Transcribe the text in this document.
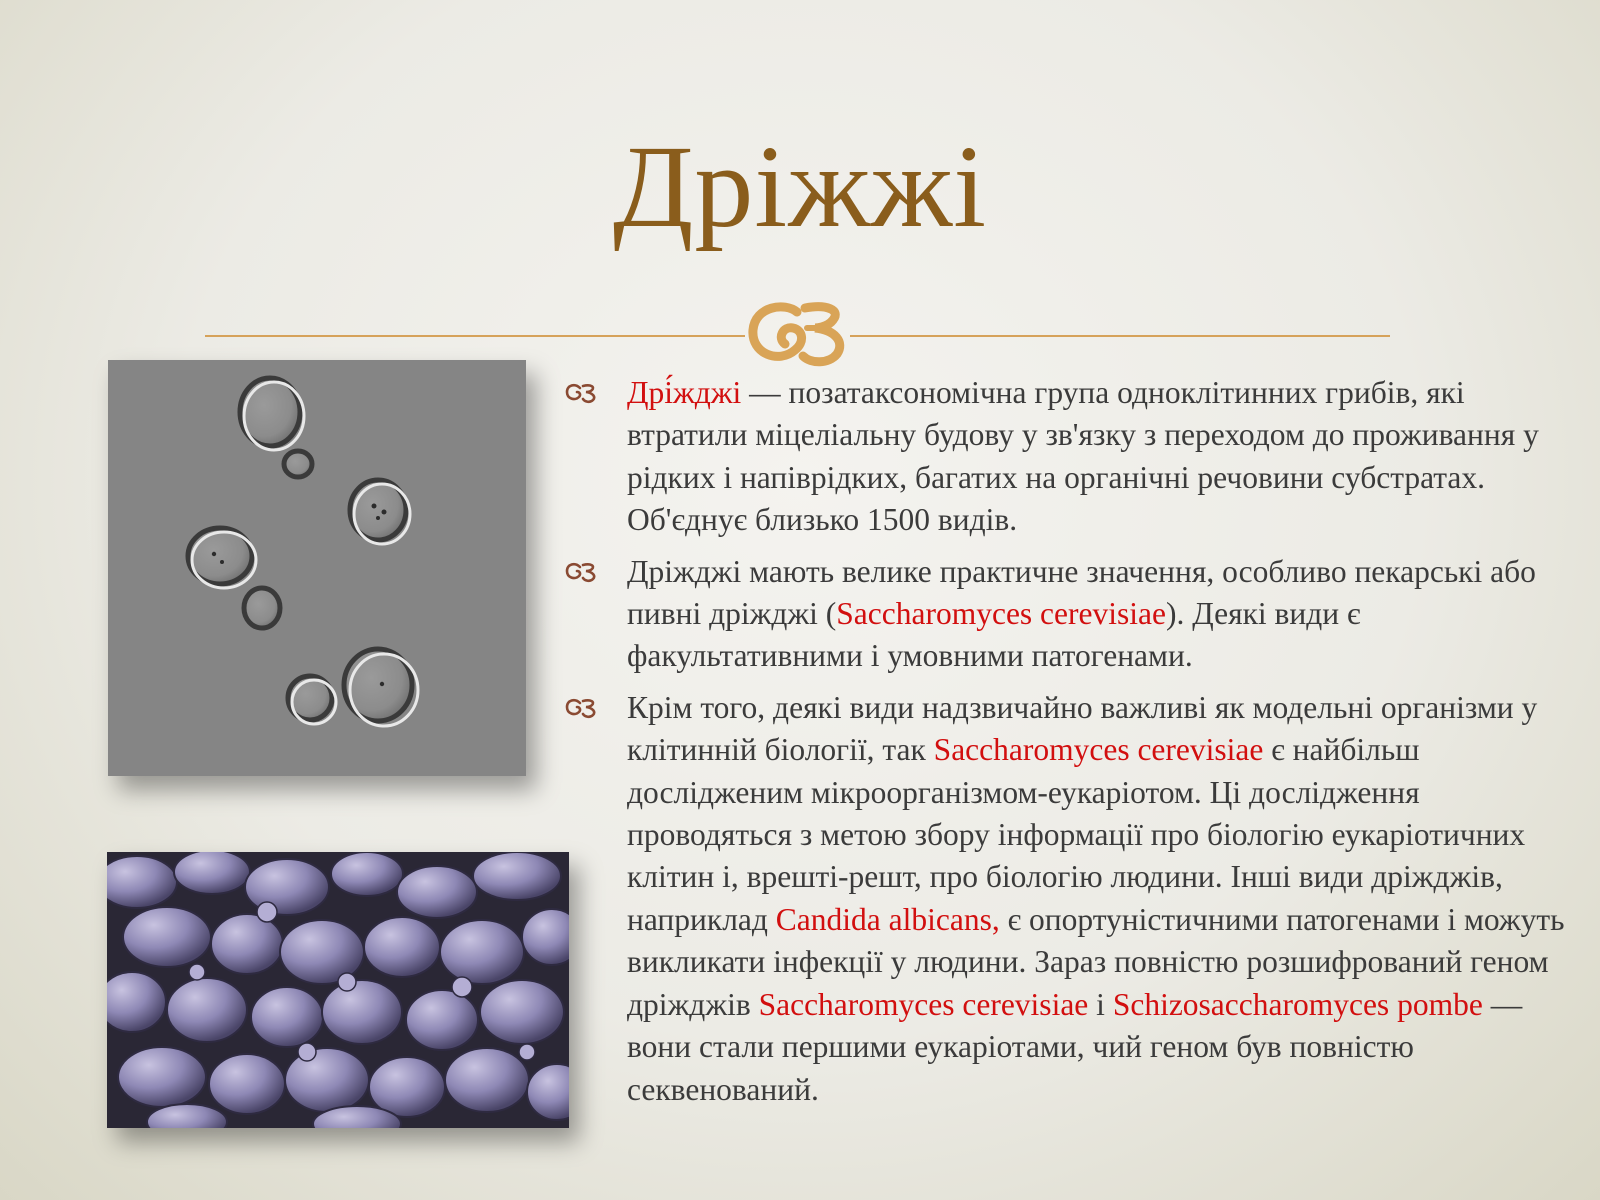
Дріжжі
Дрі́жджі — позатаксономічна група одноклітинних грибів, які втратили міцеліальну будову у зв'язку з переходом до проживання у рідких і напіврідких, багатих на органічні речовини субстратах. Об'єднує близько 1500 видів.
Дріжджі мають велике практичне значення, особливо пекарські або пивні дріжджі (Saccharomyces cerevisiae). Деякі види є факультативними і умовними патогенами.
Крім того, деякі види надзвичайно важливі як модельні організми у клітинній біології, так Saccharomyces cerevisiae є найбільш дослідженим мікроорганізмом-еукаріотом. Ці дослідження проводяться з метою збору інформації про біологію еукаріотичних клітин і, врешті-решт, про біологію людини. Інші види дріжджів, наприклад Candida albicans, є опортуністичними патогенами і можуть викликати інфекції у людини. Зараз повністю розшифрований геном дріжджів Saccharomyces cerevisiae і Schizosaccharomyces pombe — вони стали першими еукаріотами, чий геном був повністю секвенований.
